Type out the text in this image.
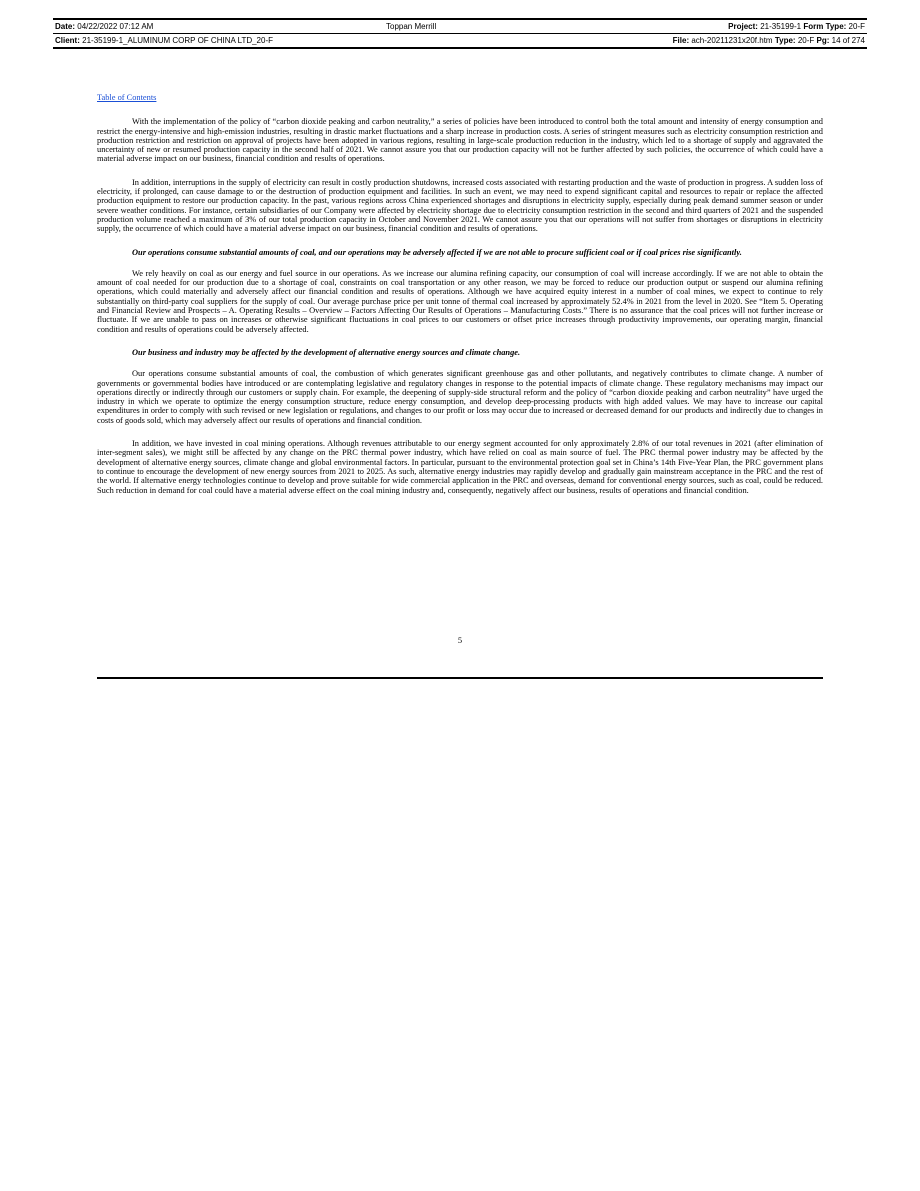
Date: 04/22/2022 07:12 AM	Toppan Merrill	Project: 21-35199-1 Form Type: 20-F
Client: 21-35199-1_ALUMINUM CORP OF CHINA LTD_20-F	File: ach-20211231x20f.htm Type: 20-F Pg: 14 of 274
Table of Contents

With the implementation of the policy of “carbon dioxide peaking and carbon neutrality,” a series of policies have been introduced to control both the total amount and intensity of energy consumption and restrict the energy-intensive and high-emission industries, resulting in drastic market fluctuations and a sharp increase in production costs. A series of stringent measures such as electricity consumption restriction and production restriction and restriction on approval of projects have been adopted in various regions, resulting in large-scale production reduction in the industry, which led to a shortage of supply and aggravated the uncertainty of new or resumed production capacity in the second half of 2021. We cannot assure you that our production capacity will not be further affected by such policies, the occurrence of which could have a material adverse impact on our business, financial condition and results of operations.

In addition, interruptions in the supply of electricity can result in costly production shutdowns, increased costs associated with restarting production and the waste of production in progress. A sudden loss of electricity, if prolonged, can cause damage to or the destruction of production equipment and facilities. In such an event, we may need to expend significant capital and resources to repair or replace the affected production equipment to restore our production capacity. In the past, various regions across China experienced shortages and disruptions in electricity supply, especially during peak demand summer season or under severe weather conditions. For instance, certain subsidiaries of our Company were affected by electricity shortage due to electricity consumption restriction in the second and third quarters of 2021 and the suspended production volume reached a maximum of 3% of our total production capacity in October and November 2021. We cannot assure you that our operations will not suffer from shortages or disruptions in electricity supply, the occurrence of which could have a material adverse impact on our business, financial condition and results of operations.

Our operations consume substantial amounts of coal, and our operations may be adversely affected if we are not able to procure sufficient coal or if coal prices rise significantly.

We rely heavily on coal as our energy and fuel source in our operations. As we increase our alumina refining capacity, our consumption of coal will increase accordingly. If we are not able to obtain the amount of coal needed for our production due to a shortage of coal, constraints on coal transportation or any other reason, we may be forced to reduce our production output or suspend our alumina refining operations, which could materially and adversely affect our financial condition and results of operations. Although we have acquired equity interest in a number of coal mines, we expect to continue to rely substantially on third-party coal suppliers for the supply of coal. Our average purchase price per unit tonne of thermal coal increased by approximately 52.4% in 2021 from the level in 2020. See “Item 5. Operating and Financial Review and Prospects – A. Operating Results – Overview – Factors Affecting Our Results of Operations – Manufacturing Costs.” There is no assurance that the coal prices will not further increase or fluctuate. If we are unable to pass on increases or otherwise significant fluctuations in coal prices to our customers or offset price increases through productivity improvements, our operating margin, financial condition and results of operations could be adversely affected.

Our business and industry may be affected by the development of alternative energy sources and climate change.

Our operations consume substantial amounts of coal, the combustion of which generates significant greenhouse gas and other pollutants, and negatively contributes to climate change. A number of governments or governmental bodies have introduced or are contemplating legislative and regulatory changes in response to the potential impacts of climate change. These regulatory mechanisms may impact our operations directly or indirectly through our customers or supply chain. For example, the deepening of supply-side structural reform and the policy of “carbon dioxide peaking and carbon neutrality” have urged the industry in which we operate to optimize the energy consumption structure, reduce energy consumption, and develop deep-processing products with high added values. We may have to increase our capital expenditures in order to comply with such revised or new legislation or regulations, and changes to our profit or loss may occur due to increased or decreased demand for our products and indirectly due to changes in costs of goods sold, which may adversely affect our results of operations and financial condition.

In addition, we have invested in coal mining operations. Although revenues attributable to our energy segment accounted for only approximately 2.8% of our total revenues in 2021 (after elimination of inter-segment sales), we might still be affected by any change on the PRC thermal power industry, which have relied on coal as main source of fuel. The PRC thermal power industry may be affected by the development of alternative energy sources, climate change and global environmental factors. In particular, pursuant to the environmental protection goal set in China’s 14th Five-Year Plan, the PRC government plans to continue to encourage the development of new energy sources from 2021 to 2025. As such, alternative energy industries may rapidly develop and gradually gain mainstream acceptance in the PRC and the rest of the world. If alternative energy technologies continue to develop and prove suitable for wide commercial application in the PRC and overseas, demand for conventional energy sources, such as coal, could be reduced. Such reduction in demand for coal could have a material adverse effect on the coal mining industry and, consequently, negatively affect our business, results of operations and financial condition.

5
